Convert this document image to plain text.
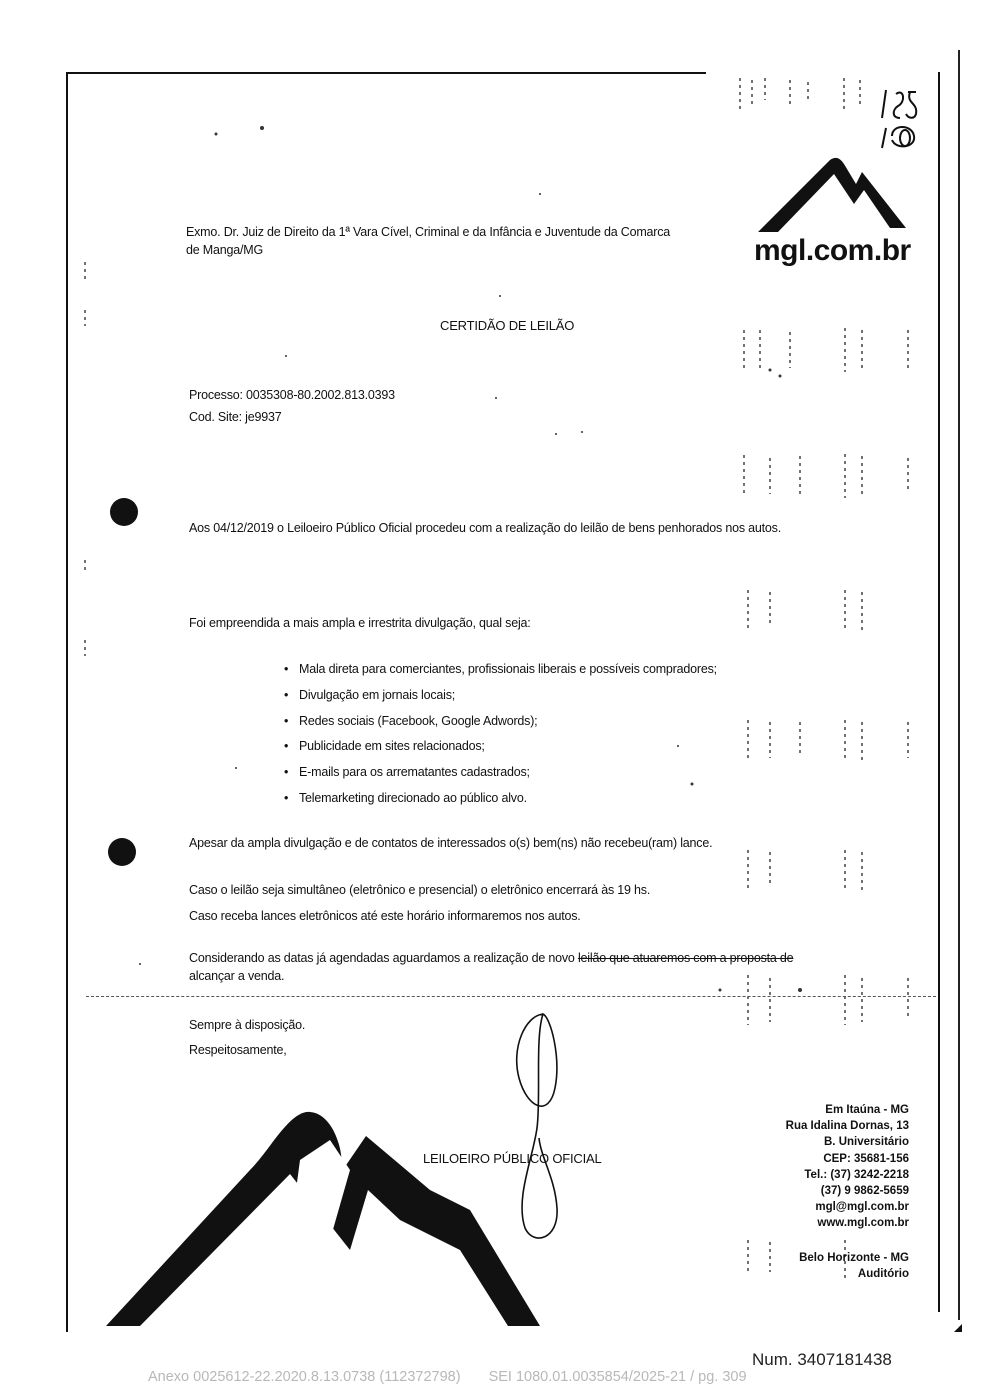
mgl.com.br
Exmo. Dr. Juiz de Direito da 1ª Vara Cível, Criminal e da Infância e Juventude da Comarca de Manga/MG
CERTIDÃO DE LEILÃO
Processo: 0035308-80.2002.813.0393
Cod. Site: je9937
Aos 04/12/2019 o Leiloeiro Público Oficial procedeu com a realização do leilão de bens penhorados nos autos.
Foi empreendida a mais ampla e irrestrita divulgação, qual seja:
• Mala direta para comerciantes, profissionais liberais e possíveis compradores;
• Divulgação em jornais locais;
• Redes sociais (Facebook, Google Adwords);
• Publicidade em sites relacionados;
• E-mails para os arrematantes cadastrados;
• Telemarketing direcionado ao público alvo.
Apesar da ampla divulgação e de contatos de interessados o(s) bem(ns) não recebeu(ram) lance.
Caso o leilão seja simultâneo (eletrônico e presencial) o eletrônico encerrará às 19 hs.
Caso receba lances eletrônicos até este horário informaremos nos autos.
Considerando as datas já agendadas aguardamos a realização de novo leilão que atuaremos com a proposta de
alcançar a venda.
Sempre à disposição.
Respeitosamente,
LEILOEIRO PÚBLICO OFICIAL
Em Itaúna - MG
Rua Idalina Dornas, 13
B. Universitário
CEP: 35681-156
Tel.: (37) 3242-2218
(37) 9 9862-5659
mgl@mgl.com.br
www.mgl.com.br
Belo Horizonte - MG
Auditório
Num. 3407181438
Anexo 0025612-22.2020.8.13.0738 (112372798) SEI 1080.01.0035854/2025-21 / pg. 309
